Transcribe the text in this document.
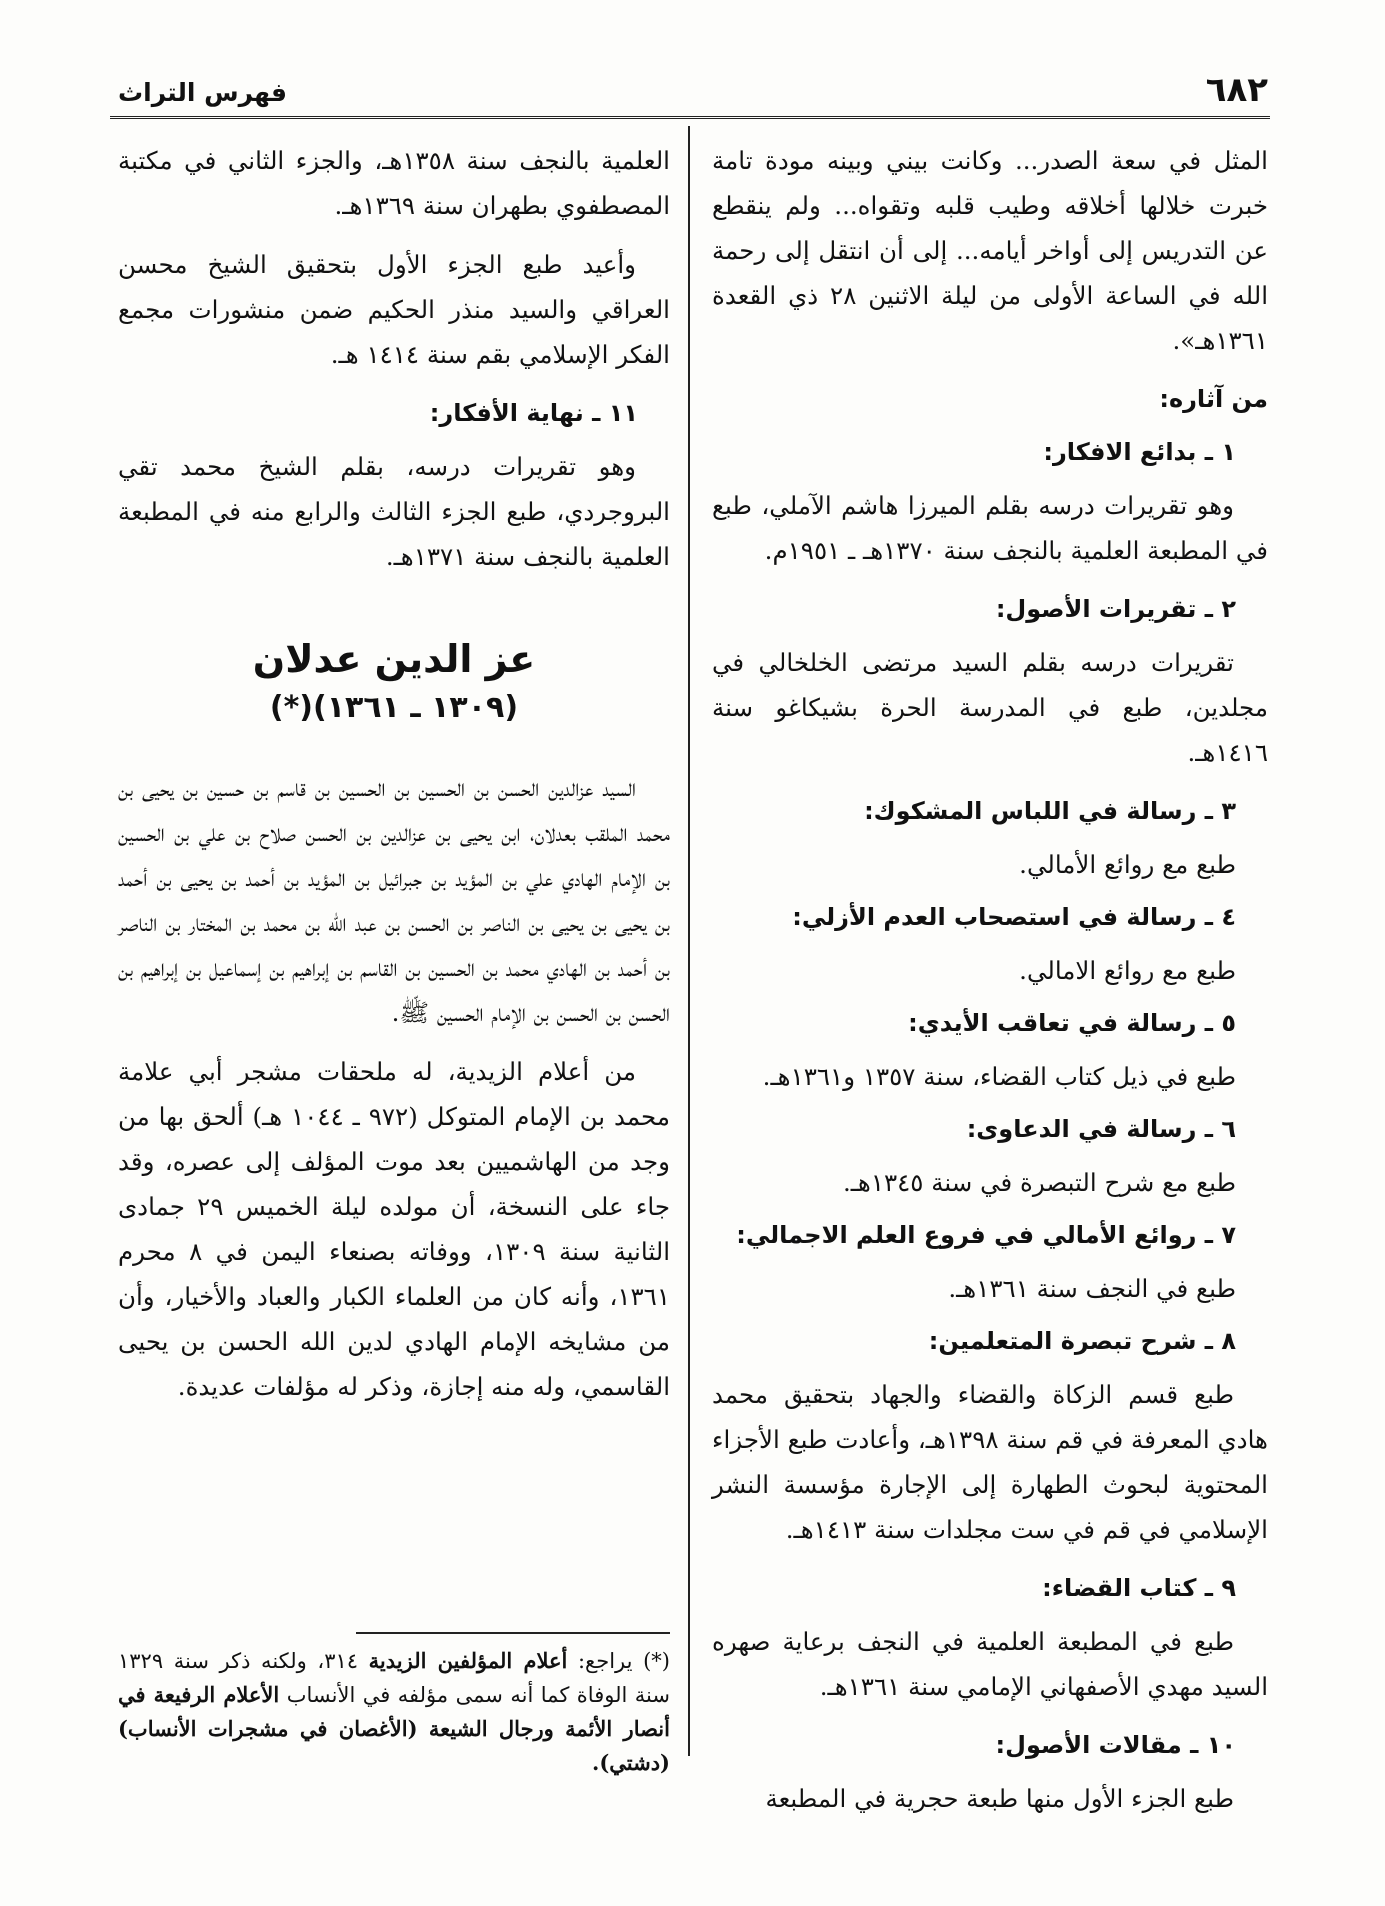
٦٨٢
فهرس التراث

المثل في سعة الصدر... وكانت بيني وبينه مودة تامة خبرت خلالها أخلاقه وطيب قلبه وتقواه... ولم ينقطع عن التدريس إلى أواخر أيامه... إلى أن انتقل إلى رحمة الله في الساعة الأولى من ليلة الاثنين ٢٨ ذي القعدة ١٣٦١هـ».

من آثاره:
١ ـ بدائع الافكار:

وهو تقريرات درسه بقلم الميرزا هاشم الآملي، طبع في المطبعة العلمية بالنجف سنة ١٣٧٠هـ ـ ١٩٥١م.

٢ ـ تقريرات الأصول:

تقريرات درسه بقلم السيد مرتضى الخلخالي في مجلدين، طبع في المدرسة الحرة بشيكاغو سنة ١٤١٦هـ.

٣ ـ رسالة في اللباس المشكوك:
طبع مع روائع الأمالي.
٤ ـ رسالة في استصحاب العدم الأزلي:
طبع مع روائع الامالي.
٥ ـ رسالة في تعاقب الأيدي:
طبع في ذيل كتاب القضاء، سنة ١٣٥٧ و١٣٦١هـ.
٦ ـ رسالة في الدعاوى:
طبع مع شرح التبصرة في سنة ١٣٤٥هـ.
٧ ـ روائع الأمالي في فروع العلم الاجمالي:
طبع في النجف سنة ١٣٦١هـ.
٨ ـ شرح تبصرة المتعلمين:

طبع قسم الزكاة والقضاء والجهاد بتحقيق محمد هادي المعرفة في قم سنة ١٣٩٨هـ، وأعادت طبع الأجزاء المحتوية لبحوث الطهارة إلى الإجارة مؤسسة النشر الإسلامي في قم في ست مجلدات سنة ١٤١٣هـ.

٩ ـ كتاب القضاء:

طبع في المطبعة العلمية في النجف برعاية صهره السيد مهدي الأصفهاني الإمامي سنة ١٣٦١هـ.

١٠ ـ مقالات الأصول:

طبع الجزء الأول منها طبعة حجرية في المطبعة

العلمية بالنجف سنة ١٣٥٨هـ، والجزء الثاني في مكتبة المصطفوي بطهران سنة ١٣٦٩هـ.

وأعيد طبع الجزء الأول بتحقيق الشيخ محسن العراقي والسيد منذر الحكيم ضمن منشورات مجمع الفكر الإسلامي بقم سنة ١٤١٤ هـ.

١١ ـ نهاية الأفكار:

وهو تقريرات درسه، بقلم الشيخ محمد تقي البروجردي، طبع الجزء الثالث والرابع منه في المطبعة العلمية بالنجف سنة ١٣٧١هـ.

عز الدين عدلان
(١٣٠٩ ـ ١٣٦١)(*)

السيد عزالدين الحسن بن الحسين بن الحسين بن قاسم بن حسين بن يحيى بن محمد الملقب بعدلان، ابن يحيى بن عزالدين بن الحسن صلاح بن علي بن الحسين بن الإمام الهادي علي بن المؤيد بن جبرائيل بن المؤيد بن أحمد بن يحيى بن أحمد بن يحيى بن يحيى بن الناصر بن الحسن بن عبد الله بن محمد بن المختار بن الناصر بن أحمد بن الهادي محمد بن الحسين بن القاسم بن إبراهيم بن إسماعيل بن إبراهيم بن الحسن بن الحسن بن الإمام الحسين ﷺ.

من أعلام الزيدية، له ملحقات مشجر أبي علامة محمد بن الإمام المتوكل (٩٧٢ ـ ١٠٤٤ هـ) ألحق بها من وجد من الهاشميين بعد موت المؤلف إلى عصره، وقد جاء على النسخة، أن مولده ليلة الخميس ٢٩ جمادى الثانية سنة ١٣٠٩، ووفاته بصنعاء اليمن في ٨ محرم ١٣٦١، وأنه كان من العلماء الكبار والعباد والأخيار، وأن من مشايخه الإمام الهادي لدين الله الحسن بن يحيى القاسمي، وله منه إجازة، وذكر له مؤلفات عديدة.

(*) يراجع: أعلام المؤلفين الزيدية ٣١٤، ولكنه ذكر سنة ١٣٢٩ سنة الوفاة كما أنه سمى مؤلفه في الأنساب الأعلام الرفيعة في أنصار الأئمة ورجال الشيعة (الأغصان في مشجرات الأنساب) (دشتي).
